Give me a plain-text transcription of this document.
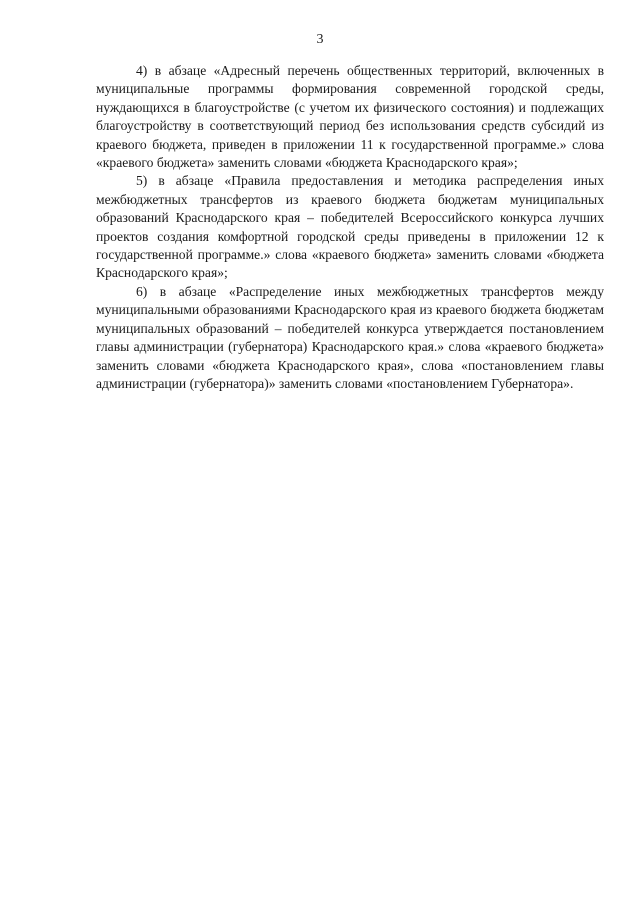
3

4) в абзаце «Адресный перечень общественных территорий, включенных в муниципальные программы формирования современной городской среды, нуждающихся в благоустройстве (с учетом их физического состояния) и подлежащих благоустройству в соответствующий период без использования средств субсидий из краевого бюджета, приведен в приложении 11 к государственной программе.» слова «краевого бюджета» заменить словами «бюджета Краснодарского края»;

5) в абзаце «Правила предоставления и методика распределения иных межбюджетных трансфертов из краевого бюджета бюджетам муниципальных образований Краснодарского края – победителей Всероссийского конкурса лучших проектов создания комфортной городской среды приведены в приложении 12 к государственной программе.» слова «краевого бюджета» заменить словами «бюджета Краснодарского края»;

6) в абзаце «Распределение иных межбюджетных трансфертов между муниципальными образованиями Краснодарского края из краевого бюджета бюджетам муниципальных образований – победителей конкурса утверждается постановлением главы администрации (губернатора) Краснодарского края.» слова «краевого бюджета» заменить словами «бюджета Краснодарского края», слова «постановлением главы администрации (губернатора)» заменить словами «постановлением Губернатора».
